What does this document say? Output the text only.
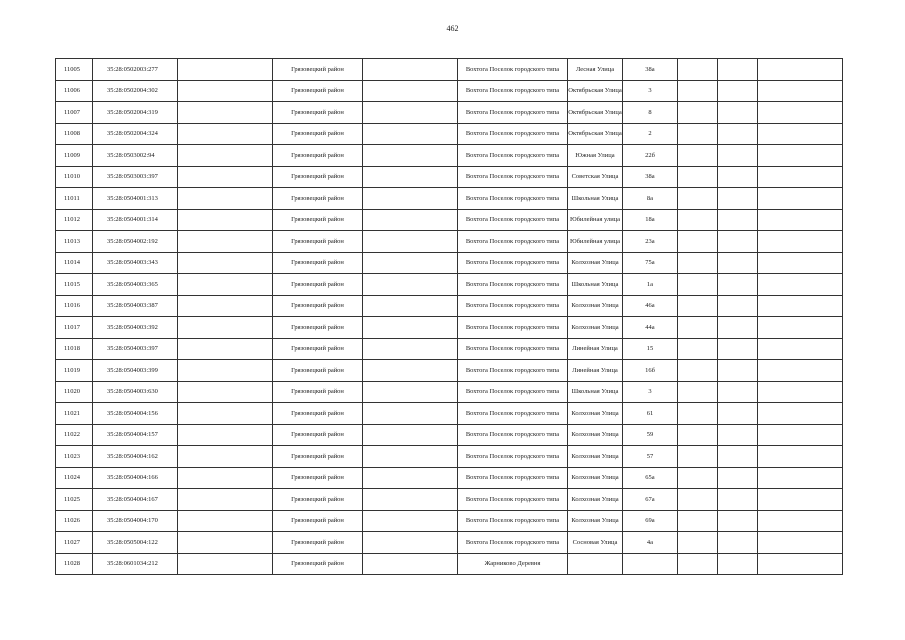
462
11005	35:28:0502003:277		Грязовецкий район		Вохтога Поселок городского типа	Лесная Улица	38а			
11006	35:28:0502004:302		Грязовецкий район		Вохтога Поселок городского типа	Октябрьская Улица	3			
11007	35:28:0502004:319		Грязовецкий район		Вохтога Поселок городского типа	Октябрьская Улица	8			
11008	35:28:0502004:324		Грязовецкий район		Вохтога Поселок городского типа	Октябрьская Улица	2			
11009	35:28:0503002:94		Грязовецкий район		Вохтога Поселок городского типа	Южная Улица	22б			
11010	35:28:0503003:397		Грязовецкий район		Вохтога Поселок городского типа	Советская Улица	38а			
11011	35:28:0504001:313		Грязовецкий район		Вохтога Поселок городского типа	Школьная Улица	8а			
11012	35:28:0504001:314		Грязовецкий район		Вохтога Поселок городского типа	Юбилейная улица	18а			
11013	35:28:0504002:192		Грязовецкий район		Вохтога Поселок городского типа	Юбилейная улица	23а			
11014	35:28:0504003:343		Грязовецкий район		Вохтога Поселок городского типа	Колхозная Улица	75а			
11015	35:28:0504003:365		Грязовецкий район		Вохтога Поселок городского типа	Школьная Улица	1а			
11016	35:28:0504003:387		Грязовецкий район		Вохтога Поселок городского типа	Колхозная Улица	46а			
11017	35:28:0504003:392		Грязовецкий район		Вохтога Поселок городского типа	Колхозная Улица	44а			
11018	35:28:0504003:397		Грязовецкий район		Вохтога Поселок городского типа	Линейная Улица	15			
11019	35:28:0504003:399		Грязовецкий район		Вохтога Поселок городского типа	Линейная Улица	16б			
11020	35:28:0504003:630		Грязовецкий район		Вохтога Поселок городского типа	Школьная Улица	3			
11021	35:28:0504004:156		Грязовецкий район		Вохтога Поселок городского типа	Колхозная Улица	61			
11022	35:28:0504004:157		Грязовецкий район		Вохтога Поселок городского типа	Колхозная Улица	59			
11023	35:28:0504004:162		Грязовецкий район		Вохтога Поселок городского типа	Колхозная Улица	57			
11024	35:28:0504004:166		Грязовецкий район		Вохтога Поселок городского типа	Колхозная Улица	65а			
11025	35:28:0504004:167		Грязовецкий район		Вохтога Поселок городского типа	Колхозная Улица	67а			
11026	35:28:0504004:170		Грязовецкий район		Вохтога Поселок городского типа	Колхозная Улица	69а			
11027	35:28:0505004:122		Грязовецкий район		Вохтога Поселок городского типа	Сосновая Улица	4а			
11028	35:28:0601034:212		Грязовецкий район		Жарниково Деревня					
